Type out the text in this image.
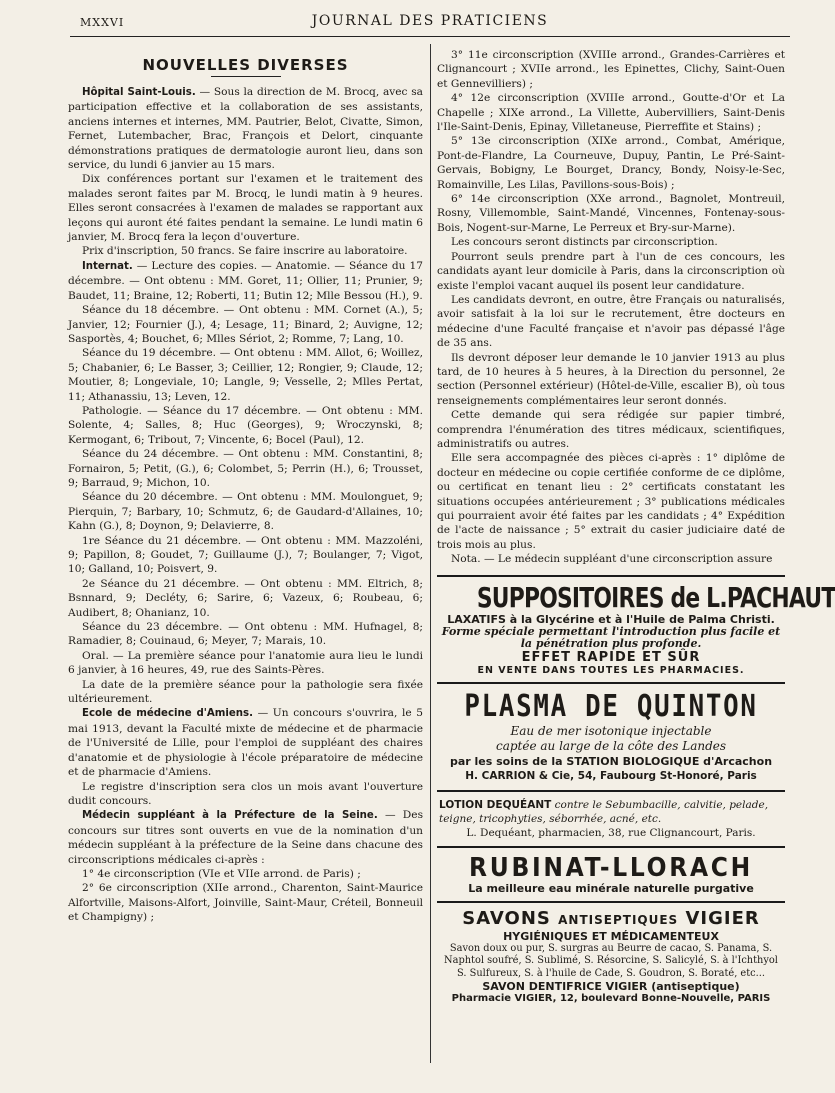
MXXVI	JOURNAL DES PRATICIENS
NOUVELLES DIVERSES

Hôpital Saint-Louis. — Sous la direction de M. Brocq, avec sa participation effective et la collaboration de ses assistants, anciens internes et internes, MM. Pautrier, Belot, Civatte, Simon, Fernet, Lutembacher, Brac, François et Delort, cinquante démonstrations pratiques de dermatologie auront lieu, dans son service, du lundi 6 janvier au 15 mars.

Dix conférences portant sur l'examen et le traitement des malades seront faites par M. Brocq, le lundi matin à 9 heures. Elles seront consacrées à l'examen de malades se rapportant aux leçons qui auront été faites pendant la semaine. Le lundi matin 6 janvier, M. Brocq fera la leçon d'ouverture.

Prix d'inscription, 50 francs. Se faire inscrire au laboratoire.

Internat. — Lecture des copies. — Anatomie. — Séance du 17 décembre. — Ont obtenu : MM. Goret, 11; Ollier, 11; Prunier, 9; Baudet, 11; Braine, 12; Roberti, 11; Butin 12; Mlle Bessou (H.), 9.

Séance du 18 décembre. — Ont obtenu : MM. Cornet (A.), 5; Janvier, 12; Fournier (J.), 4; Lesage, 11; Binard, 2; Auvigne, 12; Sasportès, 4; Bouchet, 6; Mlles Sériot, 2; Romme, 7; Lang, 10.

Séance du 19 décembre. — Ont obtenu : MM. Allot, 6; Woillez, 5; Chabanier, 6; Le Basser, 3; Ceillier, 12; Rongier, 9; Claude, 12; Moutier, 8; Longeviale, 10; Langle, 9; Vesselle, 2; Mlles Pertat, 11; Athanassiu, 13; Leven, 12.

Pathologie. — Séance du 17 décembre. — Ont obtenu : MM. Solente, 4; Salles, 8; Huc (Georges), 9; Wroczynski, 8; Kermogant, 6; Tribout, 7; Vincente, 6; Bocel (Paul), 12.

Séance du 24 décembre. — Ont obtenu : MM. Constantini, 8; Fornairon, 5; Petit, (G.), 6; Colombet, 5; Perrin (H.), 6; Trousset, 9; Barraud, 9; Michon, 10.

Séance du 20 décembre. — Ont obtenu : MM. Moulonguet, 9; Pierquin, 7; Barbary, 10; Schmutz, 6; de Gaudard-d'Allaines, 10; Kahn (G.), 8; Doynon, 9; Delavierre, 8.

1re Séance du 21 décembre. — Ont obtenu : MM. Mazzoléni, 9; Papillon, 8; Goudet, 7; Guillaume (J.), 7; Boulanger, 7; Vigot, 10; Galland, 10; Poisvert, 9.

2e Séance du 21 décembre. — Ont obtenu : MM. Eltrich, 8; Bsnnard, 9; Decléty, 6; Sarire, 6; Vazeux, 6; Roubeau, 6; Audibert, 8; Ohanianz, 10.

Séance du 23 décembre. — Ont obtenu : MM. Hufnagel, 8; Ramadier, 8; Couinaud, 6; Meyer, 7; Marais, 10.

Oral. — La première séance pour l'anatomie aura lieu le lundi 6 janvier, à 16 heures, 49, rue des Saints-Pères.

La date de la première séance pour la pathologie sera fixée ultérieurement.

Ecole de médecine d'Amiens. — Un concours s'ouvrira, le 5 mai 1913, devant la Faculté mixte de médecine et de pharmacie de l'Université de Lille, pour l'emploi de suppléant des chaires d'anatomie et de physiologie à l'école préparatoire de médecine et de pharmacie d'Amiens.

Le registre d'inscription sera clos un mois avant l'ouverture dudit concours.

Médecin suppléant à la Préfecture de la Seine. — Des concours sur titres sont ouverts en vue de la nomination d'un médecin suppléant à la préfecture de la Seine dans chacune des circonscriptions médicales ci-après :

1° 4e circonscription (VIe et VIIe arrond. de Paris) ;

2° 6e circonscription (XIIe arrond., Charenton, Saint-Maurice Alfortville, Maisons-Alfort, Joinville, Saint-Maur, Créteil, Bonneuil et Champigny) ;

3° 11e circonscription (XVIIIe arrond., Grandes-Carrières et Clignancourt ; XVIIe arrond., les Epinettes, Clichy, Saint-Ouen et Gennevilliers) ;

4° 12e circonscription (XVIIIe arrond., Goutte-d'Or et La Chapelle ; XIXe arrond., La Villette, Aubervilliers, Saint-Denis l'Ile-Saint-Denis, Epinay, Villetaneuse, Pierreffite et Stains) ;

5° 13e circonscription (XIXe arrond., Combat, Amérique, Pont-de-Flandre, La Courneuve, Dupuy, Pantin, Le Pré-Saint-Gervais, Bobigny, Le Bourget, Drancy, Bondy, Noisy-le-Sec, Romainville, Les Lilas, Pavillons-sous-Bois) ;

6° 14e circonscription (XXe arrond., Bagnolet, Montreuil, Rosny, Villemomble, Saint-Mandé, Vincennes, Fontenay-sous-Bois, Nogent-sur-Marne, Le Perreux et Bry-sur-Marne).

Les concours seront distincts par circonscription.

Pourront seuls prendre part à l'un de ces concours, les candidats ayant leur domicile à Paris, dans la circonscription où existe l'emploi vacant auquel ils posent leur candidature.

Les candidats devront, en outre, être Français ou naturalisés, avoir satisfait à la loi sur le recrutement, être docteurs en médecine d'une Faculté française et n'avoir pas dépassé l'âge de 35 ans.

Ils devront déposer leur demande le 10 janvier 1913 au plus tard, de 10 heures à 5 heures, à la Direction du personnel, 2e section (Personnel extérieur) (Hôtel-de-Ville, escalier B), où tous renseignements complémentaires leur seront donnés.

Cette demande qui sera rédigée sur papier timbré, comprendra l'énumération des titres médicaux, scientifiques, administratifs ou autres.

Elle sera accompagnée des pièces ci-après : 1° diplôme de docteur en médecine ou copie certifiée conforme de ce diplôme, ou certificat en tenant lieu : 2° certificats constatant les situations occupées antérieurement ; 3° publications médicales qui pourraient avoir été faites par les candidats ; 4° Expédition de l'acte de naissance ; 5° extrait du casier judiciaire daté de trois mois au plus.

Nota. — Le médecin suppléant d'une circonscription assure

SUPPOSITOIRES de L.PACHAUT
LAXATIFS à la Glycérine et à l'Huile de Palma Christi.
Forme spéciale permettant l'introduction plus facile et la pénétration plus profonde.
EFFET RAPIDE ET SÛR
EN VENTE DANS TOUTES LES PHARMACIES.
PLASMA DE QUINTON
Eau de mer isotonique injectable
captée au large de la côte des Landes
par les soins de la STATION BIOLOGIQUE d'Arcachon
H. CARRION & Cie, 54, Faubourg St-Honoré, Paris
LOTION DEQUÉANT contre le Sebumbacille, calvitie, pelade, teigne, tricophyties, séborrhée, acné, etc.
L. Dequéant, pharmacien, 38, rue Clignancourt, Paris.
RUBINAT-LLORACH
La meilleure eau minérale naturelle purgative
SAVONS ANTISEPTIQUES VIGIER
HYGIÉNIQUES ET MÉDICAMENTEUX
Savon doux ou pur, S. surgras au Beurre de cacao, S. Panama, S. Naphtol soufré, S. Sublimé, S. Résorcine, S. Salicylé, S. à l'Ichthyol S. Sulfureux, S. à l'huile de Cade, S. Goudron, S. Boraté, etc...
SAVON DENTIFRICE VIGIER (antiseptique)
Pharmacie VIGIER, 12, boulevard Bonne-Nouvelle, PARIS
